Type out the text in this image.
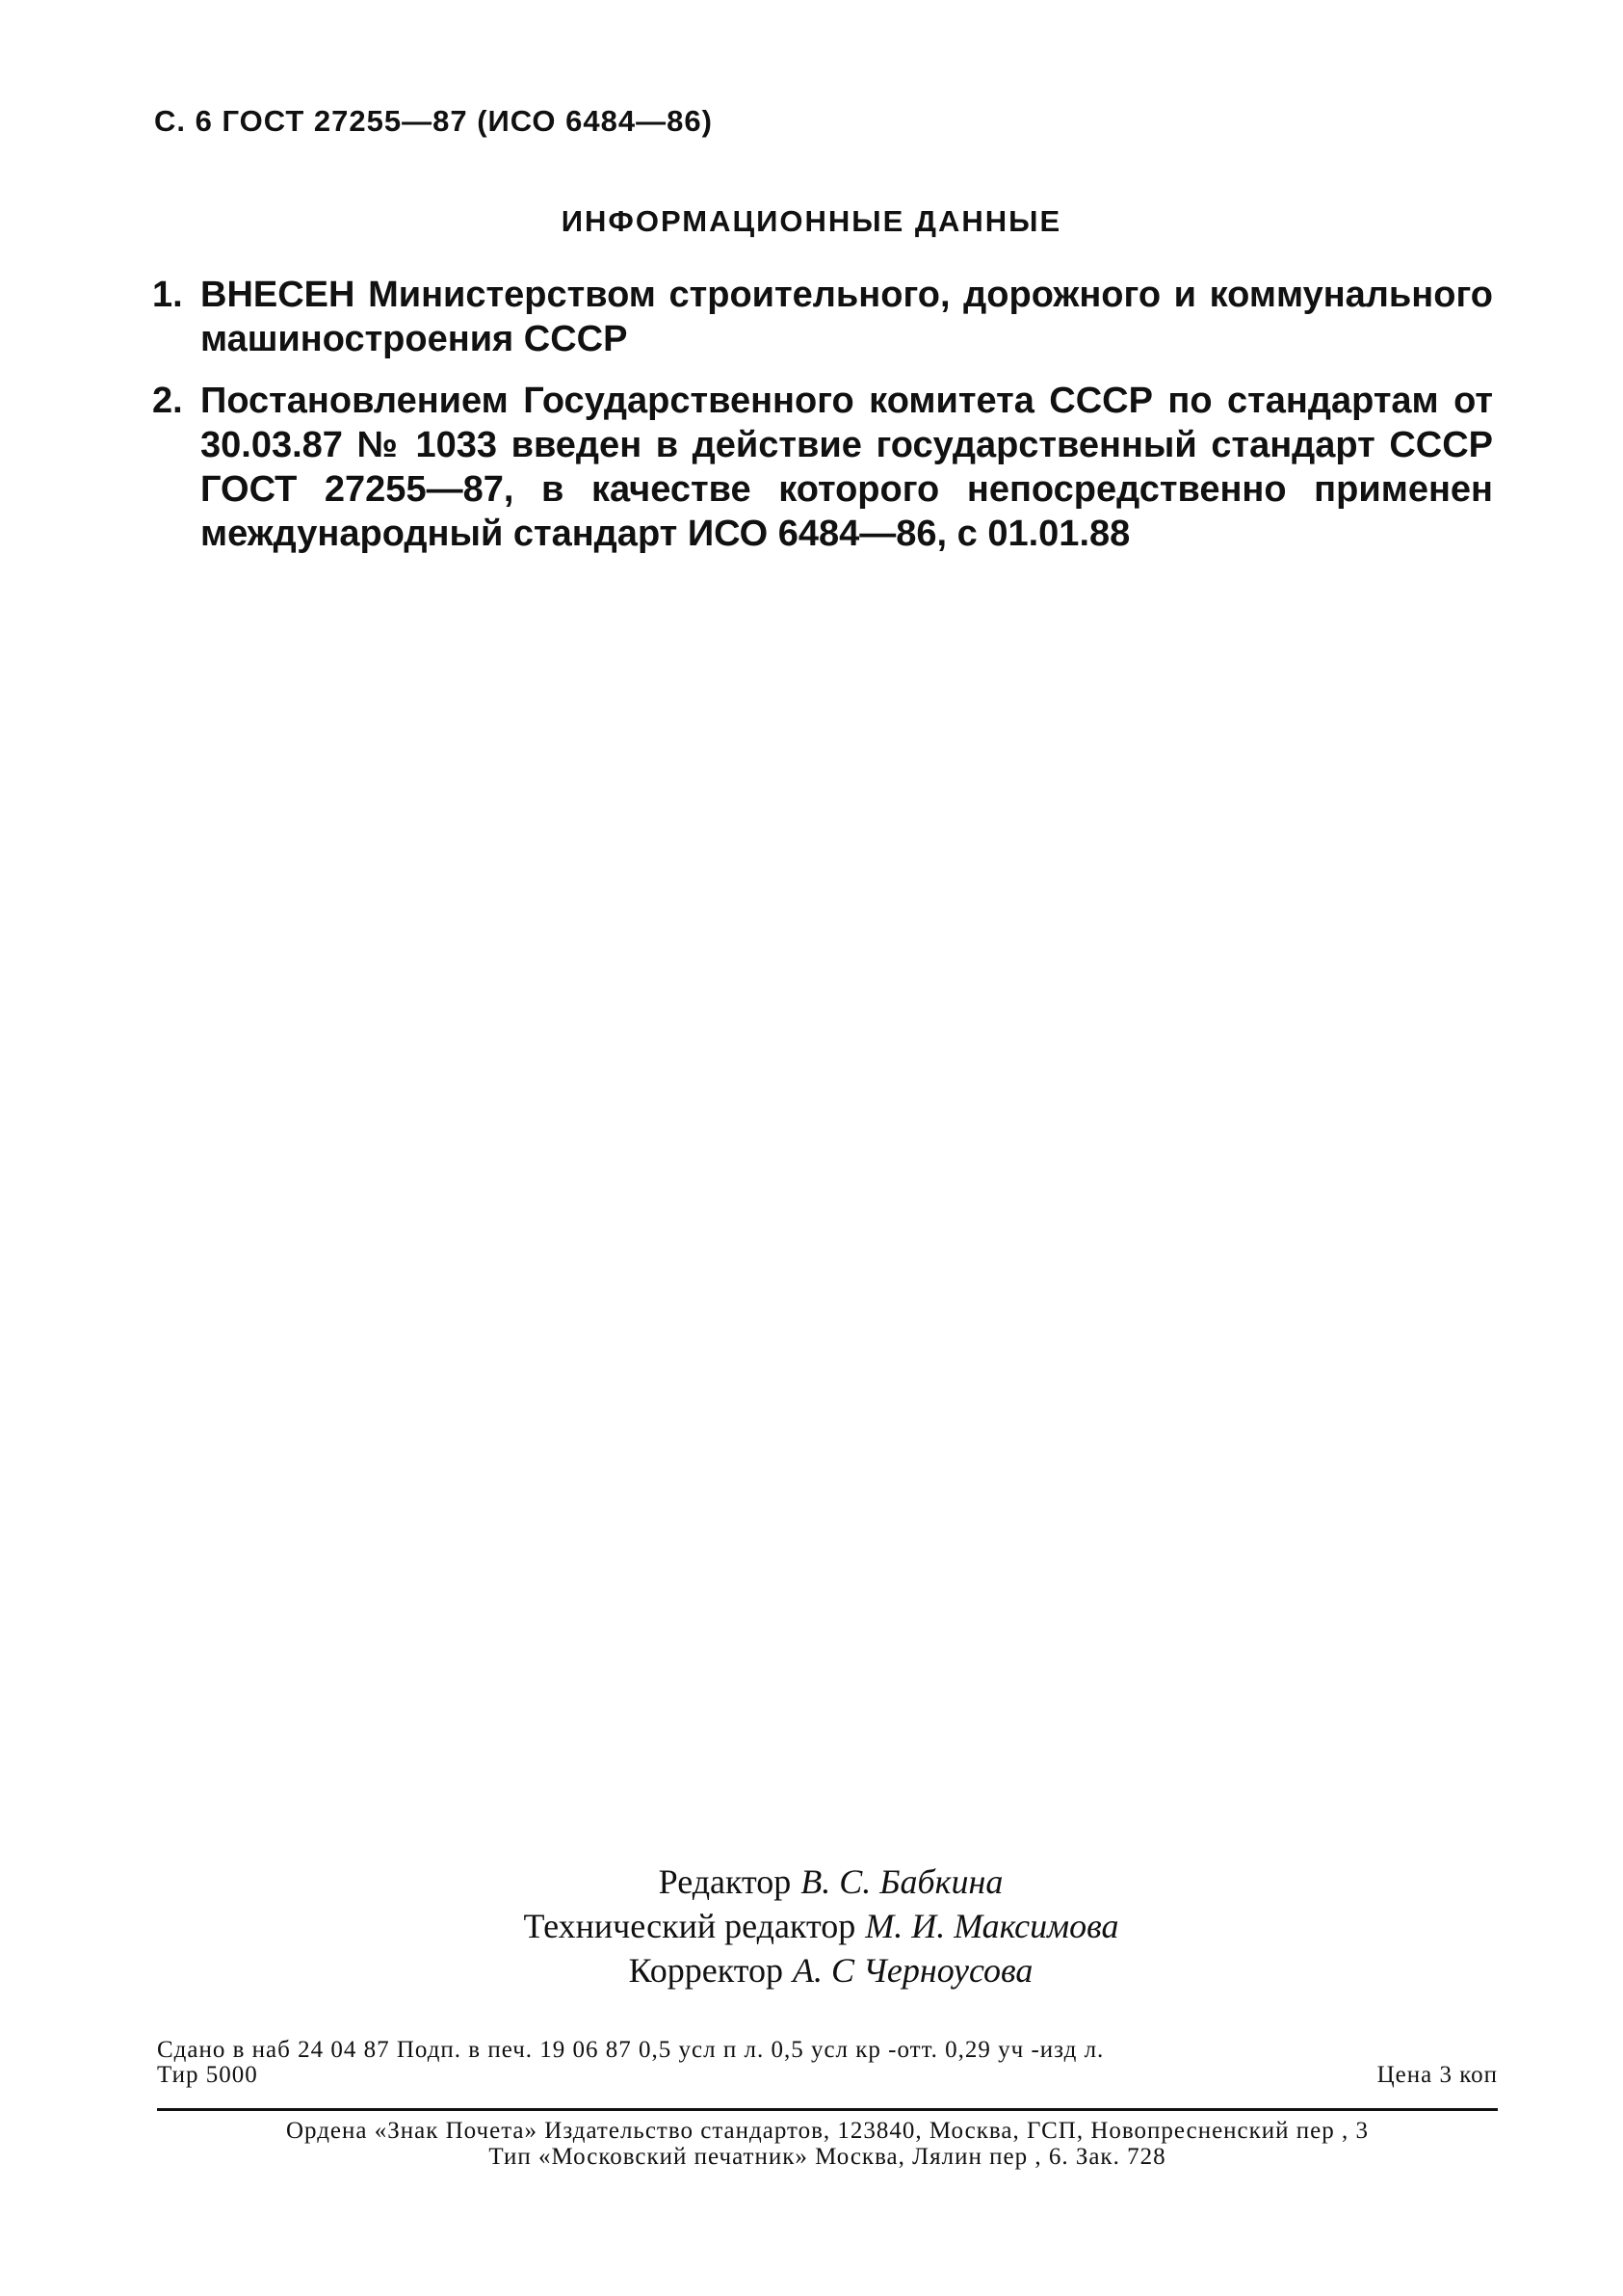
С. 6 ГОСТ 27255—87 (ИСО 6484—86)
ИНФОРМАЦИОННЫЕ ДАННЫЕ
1. ВНЕСЕН Министерством строительного, дорожного и коммунального машиностроения СССР
2. Постановлением Государственного комитета СССР по стандартам от 30.03.87 № 1033 введен в действие государственный стандарт СССР ГОСТ 27255—87, в качестве которого непосредственно применен международный стандарт ИСО 6484—86, с 01.01.88
Редактор В. С. Бабкина
Технический редактор М. И. Максимова
Корректор А. С Черноусова
Сдано в наб 24 04 87 Подп. в печ. 19 06 87 0,5 усл п л. 0,5 усл кр -отт. 0,29 уч -изд л.
Тир 5000	Цена 3 коп
Ордена «Знак Почета» Издательство стандартов, 123840, Москва, ГСП, Новопресненский пер , 3
Тип «Московский печатник» Москва, Лялин пер , 6. Зак. 728
